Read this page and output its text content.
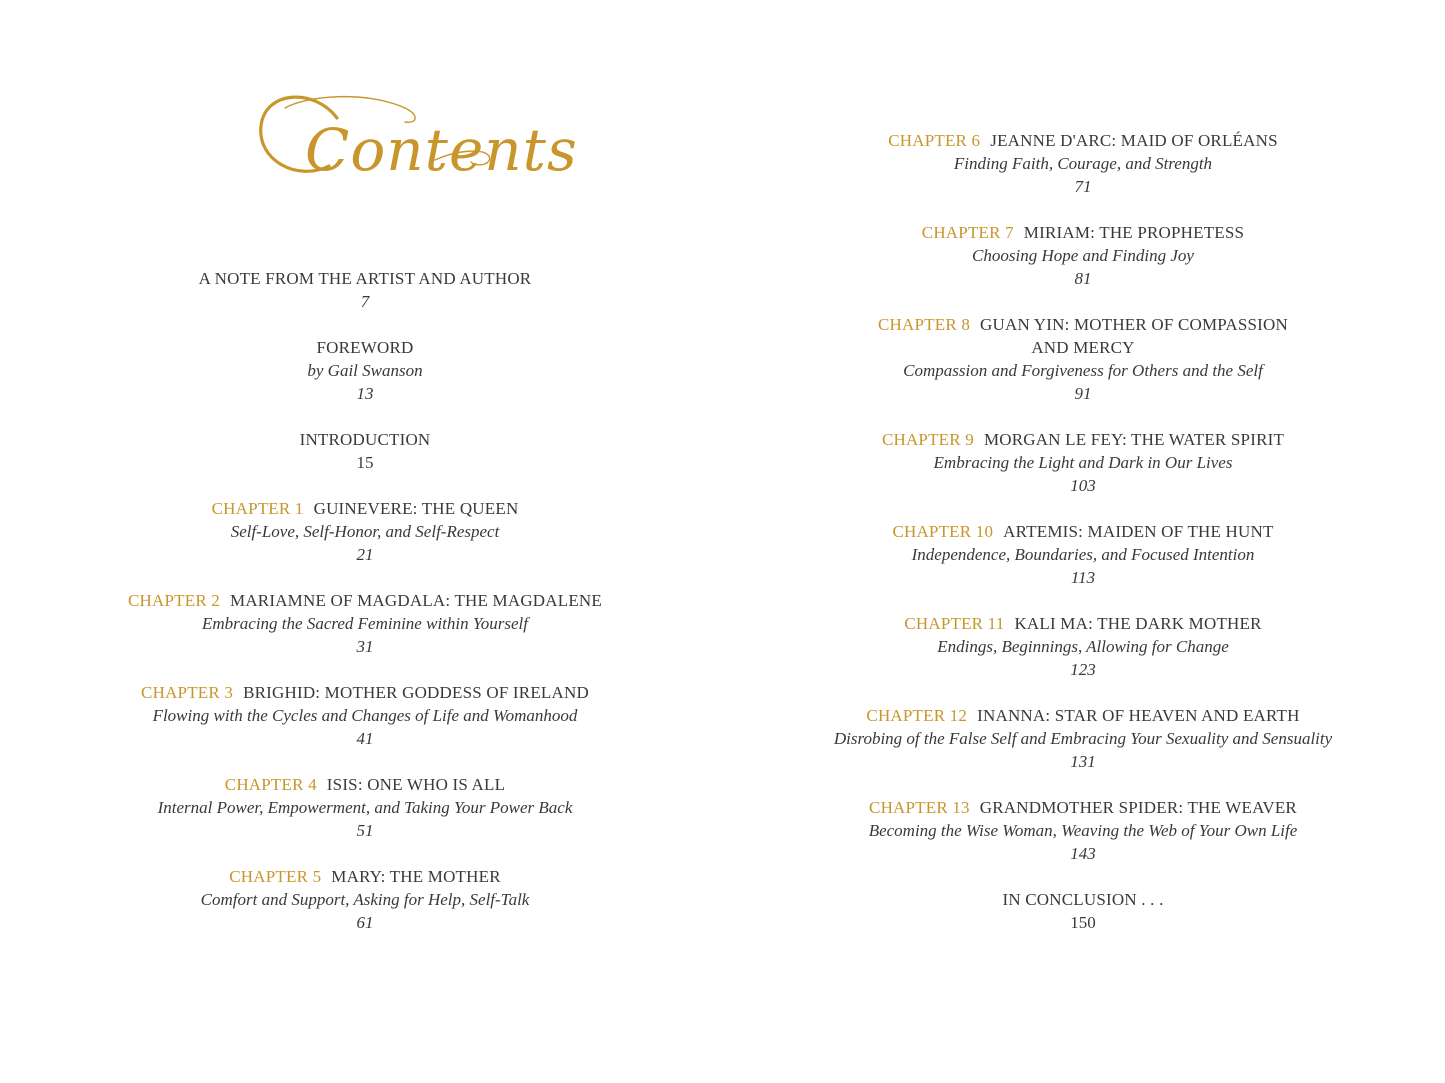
Contents
A NOTE FROM THE ARTIST AND AUTHOR
7
FOREWORD
by Gail Swanson
13
INTRODUCTION
15
CHAPTER 1 GUINEVERE: THE QUEEN
Self-Love, Self-Honor, and Self-Respect
21
CHAPTER 2 MARIAMNE OF MAGDALA: THE MAGDALENE
Embracing the Sacred Feminine within Yourself
31
CHAPTER 3 BRIGHID: MOTHER GODDESS OF IRELAND
Flowing with the Cycles and Changes of Life and Womanhood
41
CHAPTER 4 ISIS: ONE WHO IS ALL
Internal Power, Empowerment, and Taking Your Power Back
51
CHAPTER 5 MARY: THE MOTHER
Comfort and Support, Asking for Help, Self-Talk
61
CHAPTER 6 JEANNE D'ARC: MAID OF ORLÉANS
Finding Faith, Courage, and Strength
71
CHAPTER 7 MIRIAM: THE PROPHETESS
Choosing Hope and Finding Joy
81
CHAPTER 8 GUAN YIN: MOTHER OF COMPASSION
AND MERCY
Compassion and Forgiveness for Others and the Self
91
CHAPTER 9 MORGAN LE FEY: THE WATER SPIRIT
Embracing the Light and Dark in Our Lives
103
CHAPTER 10 ARTEMIS: MAIDEN OF THE HUNT
Independence, Boundaries, and Focused Intention
113
CHAPTER 11 KALI MA: THE DARK MOTHER
Endings, Beginnings, Allowing for Change
123
CHAPTER 12 INANNA: STAR OF HEAVEN AND EARTH
Disrobing of the False Self and Embracing Your Sexuality and Sensuality
131
CHAPTER 13 GRANDMOTHER SPIDER: THE WEAVER
Becoming the Wise Woman, Weaving the Web of Your Own Life
143
IN CONCLUSION . . .
150
